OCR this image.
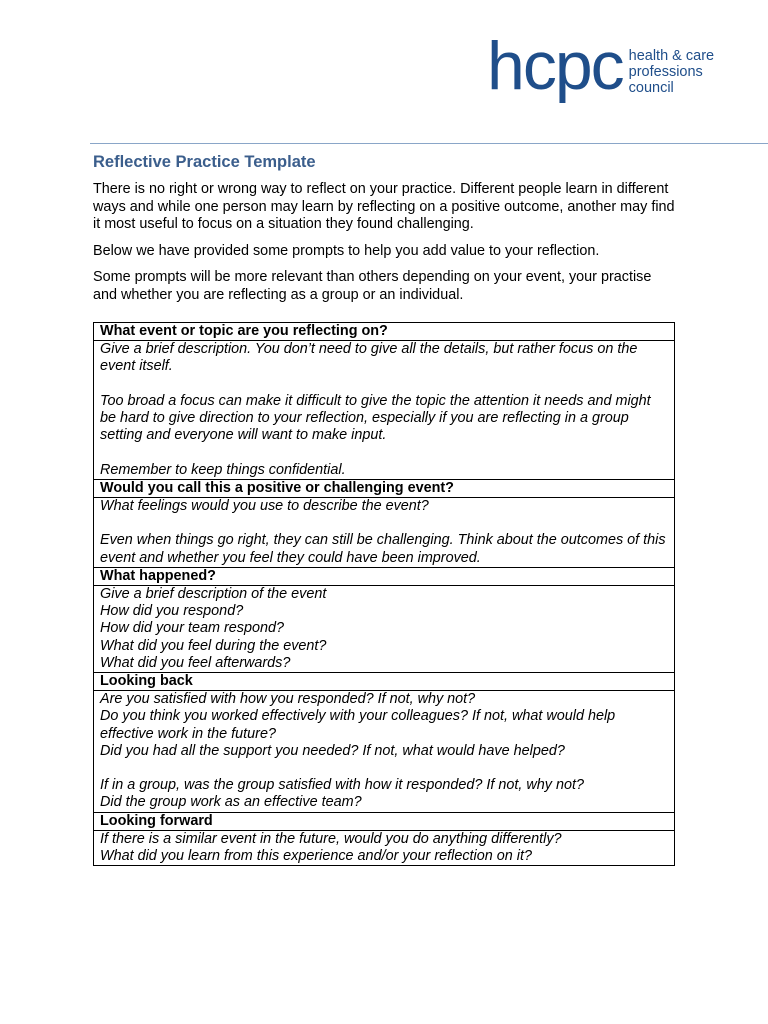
hcpc health & care
professions
council
Reflective Practice Template

There is no right or wrong way to reflect on your practice. Different people learn in different ways and while one person may learn by reflecting on a positive outcome, another may find it most useful to focus on a situation they found challenging.

Below we have provided some prompts to help you add value to your reflection.

Some prompts will be more relevant than others depending on your event, your practise and whether you are reflecting as a group or an individual.

What event or topic are you reflecting on?

Give a brief description. You don’t need to give all the details, but rather focus on the event itself.
Too broad a focus can make it difficult to give the topic the attention it needs and might be hard to give direction to your reflection, especially if you are reflecting in a group setting and everyone will want to make input.
Remember to keep things confidential.

Would you call this a positive or challenging event?

What feelings would you use to describe the event?
Even when things go right, they can still be challenging. Think about the outcomes of this event and whether you feel they could have been improved.

What happened?

Give a brief description of the event
How did you respond?
How did your team respond?
What did you feel during the event?
What did you feel afterwards?

Looking back

Are you satisfied with how you responded? If not, why not?
Do you think you worked effectively with your colleagues? If not, what would help effective work in the future?
Did you had all the support you needed? If not, what would have helped?
If in a group, was the group satisfied with how it responded? If not, why not?
Did the group work as an effective team?

Looking forward

If there is a similar event in the future, would you do anything differently?
What did you learn from this experience and/or your reflection on it?
